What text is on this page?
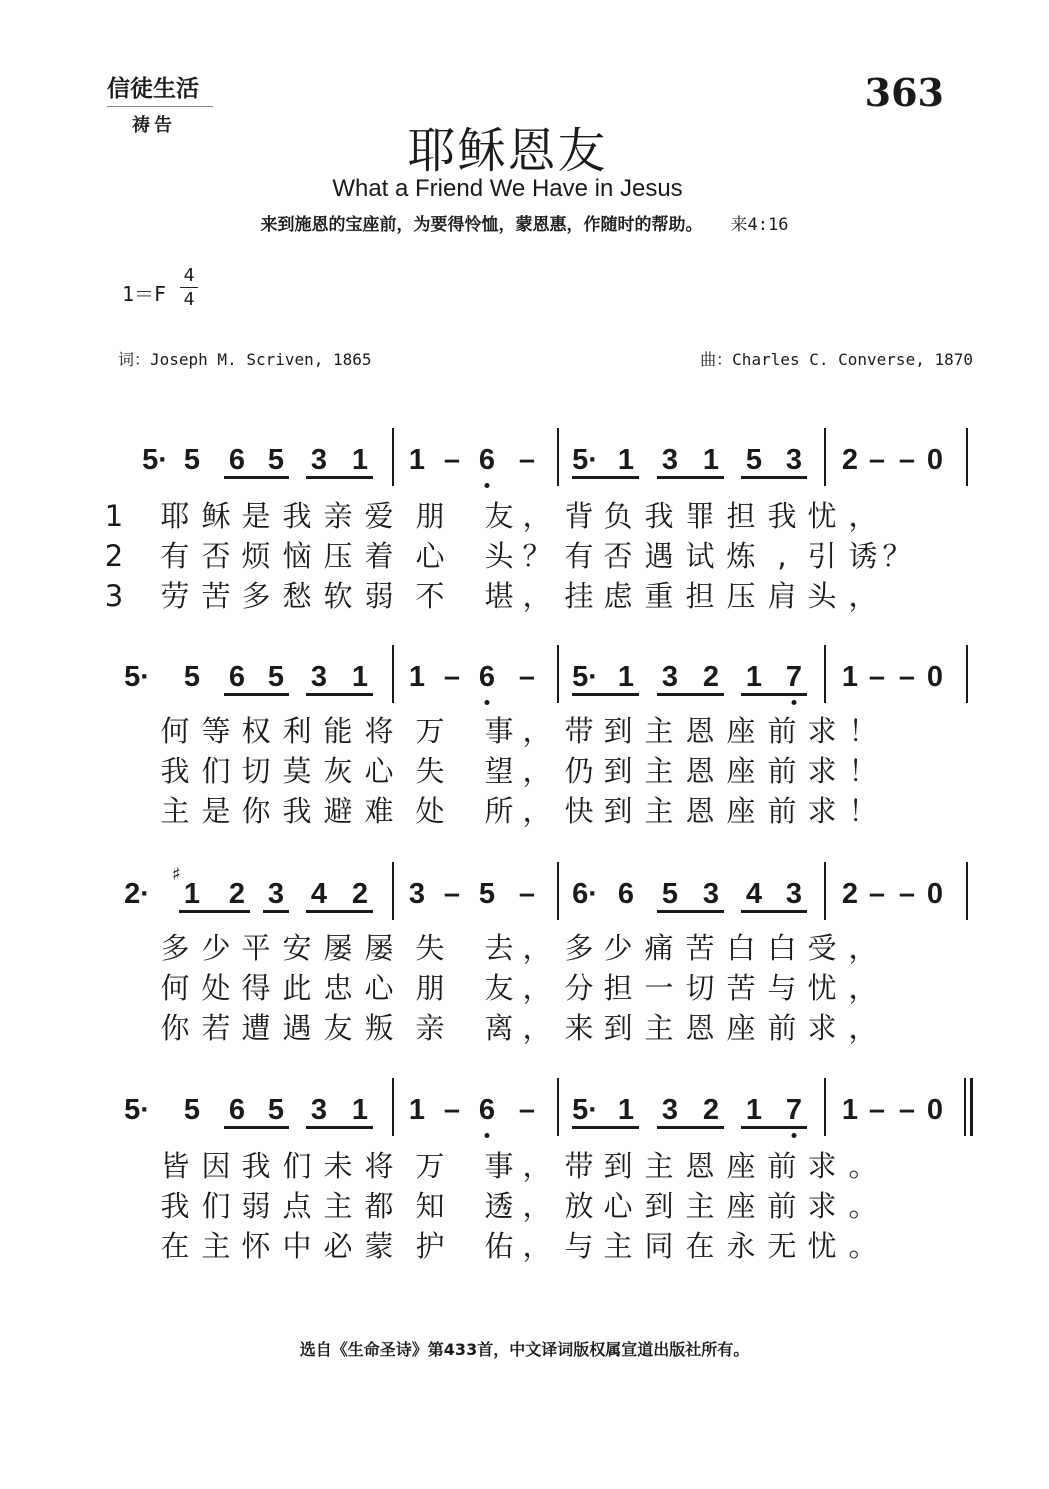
信徒生活
祷告
363
耶稣恩友
What a Friend We Have in Jesus
来到施恩的宝座前，为要得怜恤，蒙恩惠，作随时的帮助。 来4:16
1＝F
4
4
词：Joseph M. Scriven, 1865	曲：Charles C. Converse, 1870
5· 5 6 5 3 1 1 – 6 – 5· 1 3 1 5 3 2 – – 0
1 耶 稣 是 我 亲 爱 朋 友 ， 背 负 我 罪 担 我 忧 ，
2 有 否 烦 恼 压 着 心 头 ？ 有 否 遇 试 炼 , 引 诱 ？
3 劳 苦 多 愁 软 弱 不 堪 ， 挂 虑 重 担 压 肩 头 ，
5· 5 6 5 3 1 1 – 6 – 5· 1 3 2 1 7 1 – – 0
何 等 权 利 能 将 万 事 ， 带 到 主 恩 座 前 求 ！
我 们 切 莫 灰 心 失 望 ， 仍 到 主 恩 座 前 求 ！
主 是 你 我 避 难 处 所 ， 快 到 主 恩 座 前 求 ！
2· 1 2 3 4 2 3 – 5 – 6· 6 5 3 4 3 2 – – 0
♯
多 少 平 安 屡 屡 失 去 ， 多 少 痛 苦 白 白 受 ，
何 处 得 此 忠 心 朋 友 ， 分 担 一 切 苦 与 忧 ，
你 若 遭 遇 友 叛 亲 离 ， 来 到 主 恩 座 前 求 ，
5· 5 6 5 3 1 1 – 6 – 5· 1 3 2 1 7 1 – – 0
皆 因 我 们 未 将 万 事 ， 带 到 主 恩 座 前 求 。
我 们 弱 点 主 都 知 透 ， 放 心 到 主 座 前 求 。
在 主 怀 中 必 蒙 护 佑 ， 与 主 同 在 永 无 忧 。
选自《生命圣诗》第433首，中文译词版权属宣道出版社所有。
